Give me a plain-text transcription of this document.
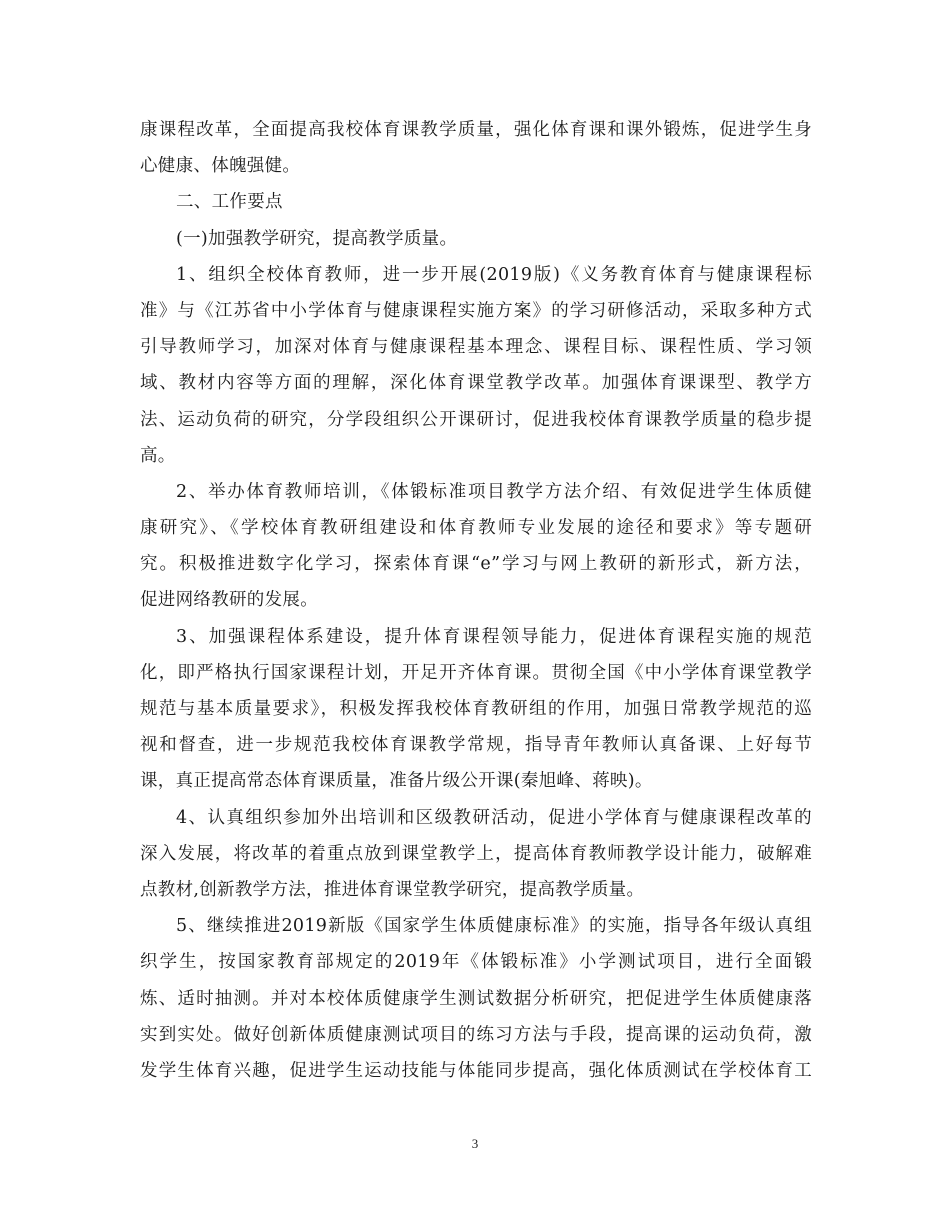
康课程改革，全面提高我校体育课教学质量，强化体育课和课外锻炼，促进学生身
心健康、体魄强健。
二、工作要点
(一)加强教学研究，提高教学质量。
1、组织全校体育教师，进一步开展(2019版)《义务教育体育与健康课程标
准》与《江苏省中小学体育与健康课程实施方案》的学习研修活动，采取多种方式
引导教师学习，加深对体育与健康课程基本理念、课程目标、课程性质、学习领
域、教材内容等方面的理解，深化体育课堂教学改革。加强体育课课型、教学方
法、运动负荷的研究，分学段组织公开课研讨，促进我校体育课教学质量的稳步提
高。
2、举办体育教师培训，《体锻标准项目教学方法介绍、有效促进学生体质健
康研究》、《学校体育教研组建设和体育教师专业发展的途径和要求》等专题研
究。积极推进数字化学习，探索体育课“e”学习与网上教研的新形式，新方法，
促进网络教研的发展。
3、加强课程体系建设，提升体育课程领导能力，促进体育课程实施的规范
化，即严格执行国家课程计划，开足开齐体育课。贯彻全国《中小学体育课堂教学
规范与基本质量要求》，积极发挥我校体育教研组的作用，加强日常教学规范的巡
视和督查，进一步规范我校体育课教学常规，指导青年教师认真备课、上好每节
课，真正提高常态体育课质量，准备片级公开课(秦旭峰、蒋映)。
4、认真组织参加外出培训和区级教研活动，促进小学体育与健康课程改革的
深入发展，将改革的着重点放到课堂教学上，提高体育教师教学设计能力，破解难
点教材,创新教学方法，推进体育课堂教学研究，提高教学质量。
5、继续推进2019新版《国家学生体质健康标准》的实施，指导各年级认真组
织学生，按国家教育部规定的2019年《体锻标准》小学测试项目，进行全面锻
炼、适时抽测。并对本校体质健康学生测试数据分析研究，把促进学生体质健康落
实到实处。做好创新体质健康测试项目的练习方法与手段，提高课的运动负荷，激
发学生体育兴趣，促进学生运动技能与体能同步提高，强化体质测试在学校体育工
3
